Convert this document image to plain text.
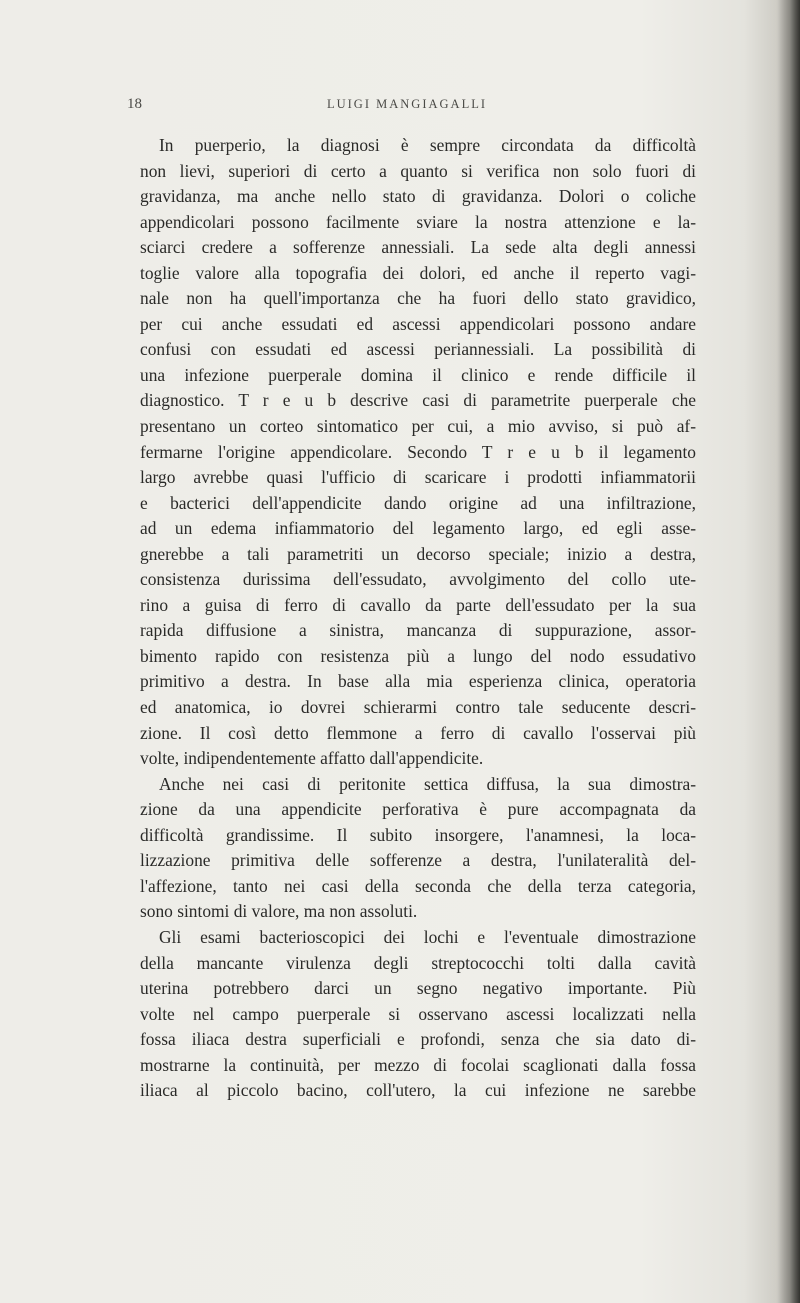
18	LUIGI MANGIAGALLI
In puerperio, la diagnosi è sempre circondata da difficoltà
non lievi, superiori di certo a quanto si verifica non solo fuori di
gravidanza, ma anche nello stato di gravidanza. Dolori o coliche
appendicolari possono facilmente sviare la nostra attenzione e la-
sciarci credere a sofferenze annessiali. La sede alta degli annessi
toglie valore alla topografia dei dolori, ed anche il reperto vagi-
nale non ha quell'importanza che ha fuori dello stato gravidico,
per cui anche essudati ed ascessi appendicolari possono andare
confusi con essudati ed ascessi periannessiali. La possibilità di
una infezione puerperale domina il clinico e rende difficile il
diagnostico. T r e u b descrive casi di parametrite puerperale che
presentano un corteo sintomatico per cui, a mio avviso, si può af-
fermarne l'origine appendicolare. Secondo T r e u b il legamento
largo avrebbe quasi l'ufficio di scaricare i prodotti infiammatorii
e bacterici dell'appendicite dando origine ad una infiltrazione,
ad un edema infiammatorio del legamento largo, ed egli asse-
gnerebbe a tali parametriti un decorso speciale; inizio a destra,
consistenza durissima dell'essudato, avvolgimento del collo ute-
rino a guisa di ferro di cavallo da parte dell'essudato per la sua
rapida diffusione a sinistra, mancanza di suppurazione, assor-
bimento rapido con resistenza più a lungo del nodo essudativo
primitivo a destra. In base alla mia esperienza clinica, operatoria
ed anatomica, io dovrei schierarmi contro tale seducente descri-
zione. Il così detto flemmone a ferro di cavallo l'osservai più
volte, indipendentemente affatto dall'appendicite.
Anche nei casi di peritonite settica diffusa, la sua dimostra-
zione da una appendicite perforativa è pure accompagnata da
difficoltà grandissime. Il subito insorgere, l'anamnesi, la loca-
lizzazione primitiva delle sofferenze a destra, l'unilateralità del-
l'affezione, tanto nei casi della seconda che della terza categoria,
sono sintomi di valore, ma non assoluti.
Gli esami bacterioscopici dei lochi e l'eventuale dimostrazione
della mancante virulenza degli streptococchi tolti dalla cavità
uterina potrebbero darci un segno negativo importante. Più
volte nel campo puerperale si osservano ascessi localizzati nella
fossa iliaca destra superficiali e profondi, senza che sia dato di-
mostrarne la continuità, per mezzo di focolai scaglionati dalla fossa
iliaca al piccolo bacino, coll'utero, la cui infezione ne sarebbe
